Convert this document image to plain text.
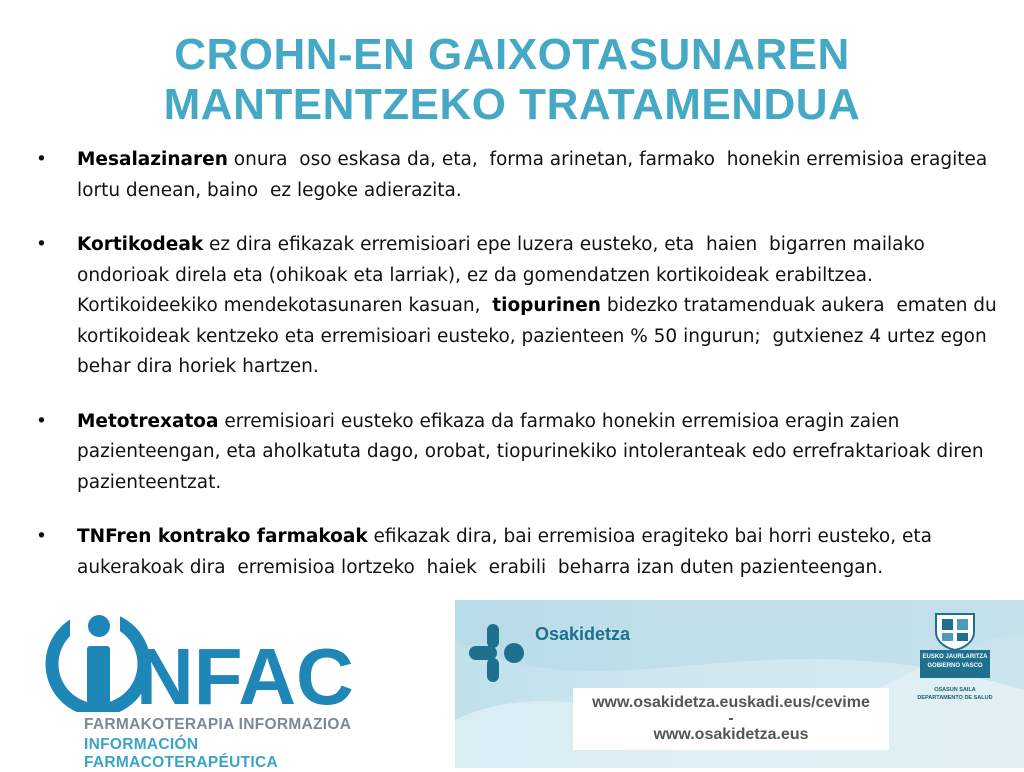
CROHN-EN GAIXOTASUNAREN
MANTENTZEKO TRATAMENDUA
• Mesalazinaren onura  oso eskasa da, eta,  forma arinetan, farmako  honekin erremisioa eragitea lortu denean, baino  ez legoke adierazita.
• Kortikodeak ez dira efikazak erremisioari epe luzera eusteko, eta  haien  bigarren mailako ondorioak direla eta (ohikoak eta larriak), ez da gomendatzen kortikoideak erabiltzea. Kortikoideekiko mendekotasunaren kasuan,  tiopurinen bidezko tratamenduak aukera  ematen du kortikoideak kentzeko eta erremisioari eusteko, pazienteen % 50 ingurun;  gutxienez 4 urtez egon behar dira horiek hartzen.
• Metotrexatoa erremisioari eusteko efikaza da farmako honekin erremisioa eragin zaien pazienteengan, eta aholkatuta dago, orobat, tiopurinekiko intoleranteak edo errefraktarioak diren pazienteentzat.
• TNFren kontrako farmakoak efikazak dira, bai erremisioa eragiteko bai horri eusteko, eta aukerakoak dira  erremisioa lortzeko  haiek  erabili  beharra izan duten pazienteengan.
NFAC
FARMAKOTERAPIA INFORMAZIOA
INFORMACIÓN FARMACOTERAPÉUTICA
Osakidetza
www.osakidetza.euskadi.eus/cevime
-
www.osakidetza.eus
EUSKO JAURLARITZA
GOBIERNO VASCO
OSASUN SAILA
DEPARTAMENTO DE SALUD
